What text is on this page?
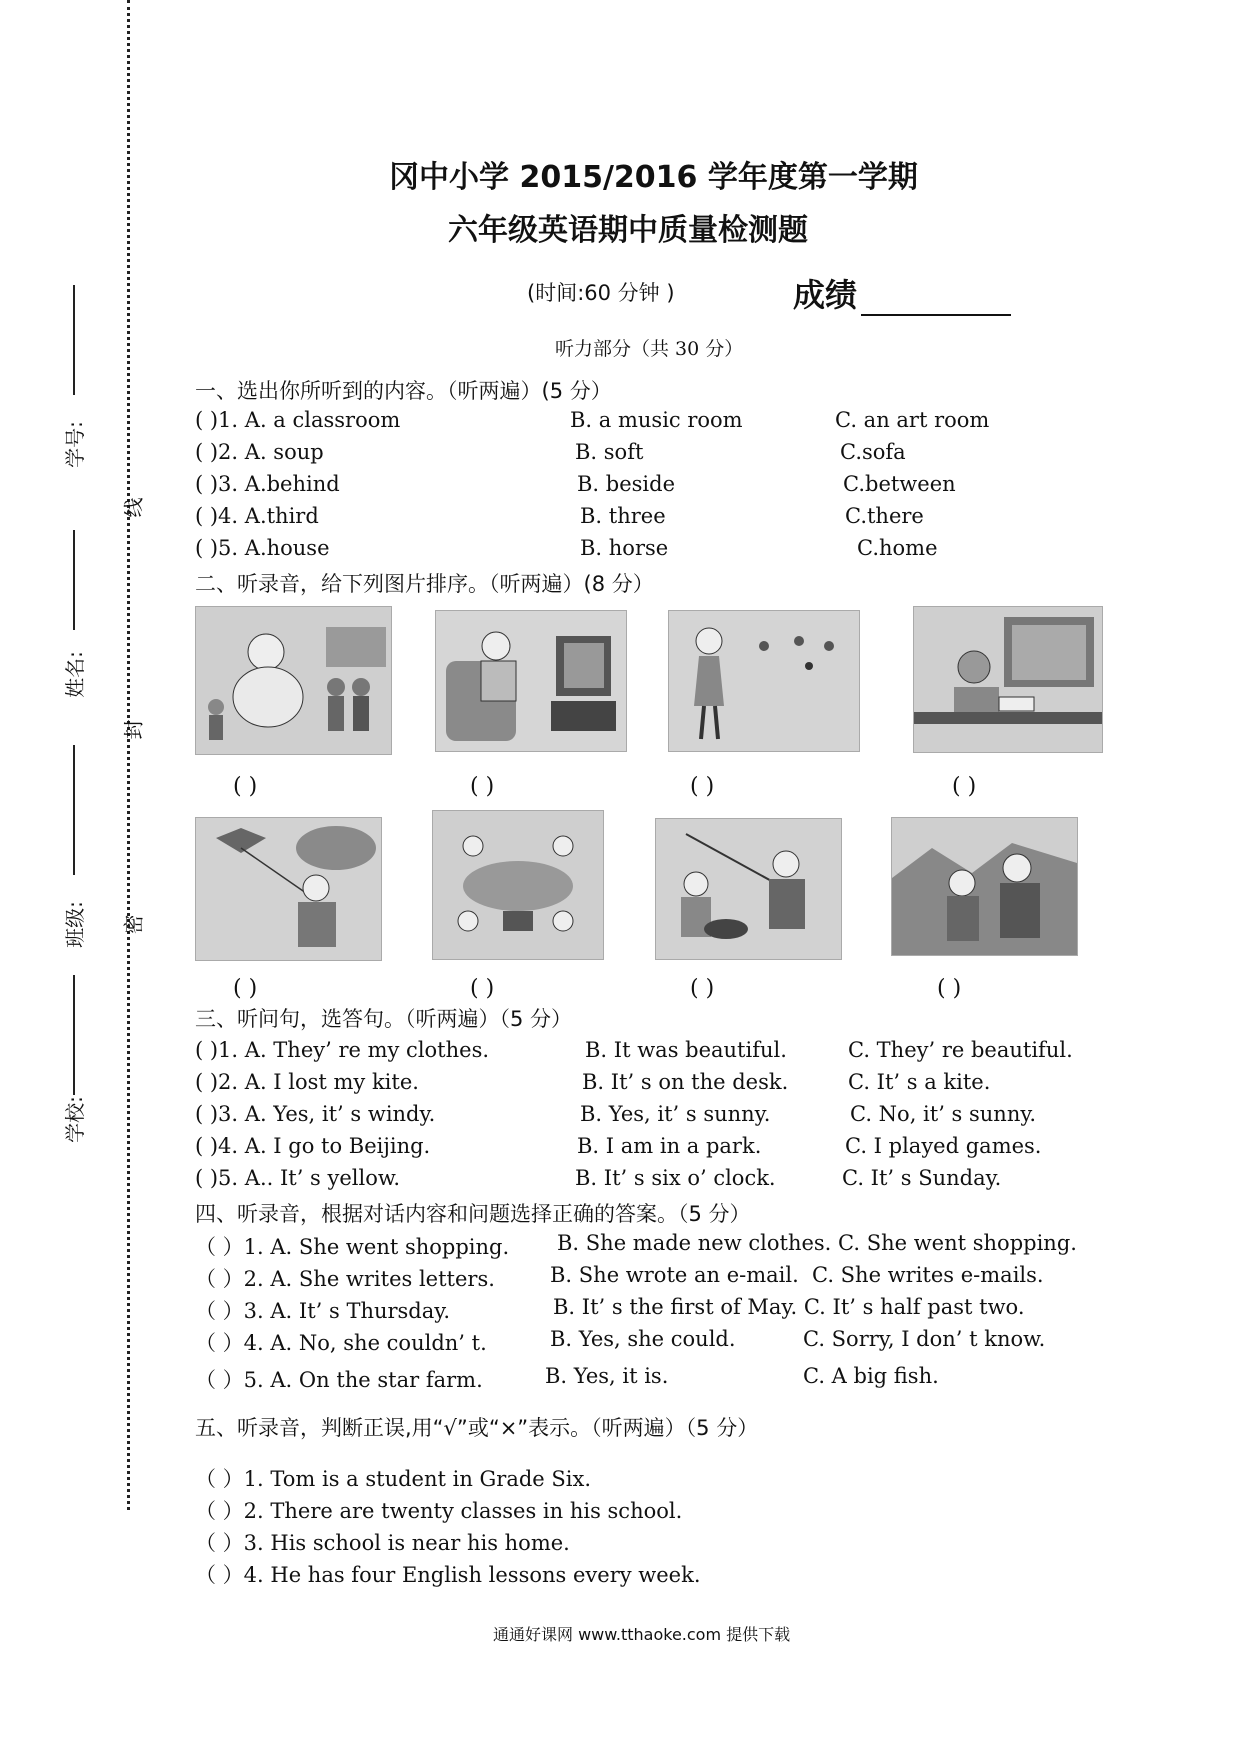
学号:
姓名:
班级:
学校:
线
封
密
冈中小学 2015/2016 学年度第一学期
六年级英语期中质量检测题
(时间:60 分钟 )	成绩
听力部分（共 30 分）
一、选出你所听到的内容。（听两遍）(5 分）
( )1. A. a classroom	B. a music room	C. an art room
( )2. A. soup	B. soft	C.sofa
( )3. A.behind	B. beside	C.between
( )4. A.third	B. three	C.there
( )5. A.house	B. horse	C.home
二、听录音，给下列图片排序。（听两遍）(8 分）
( )	( )	( )	( )
( )	( )	( )	( )
三、听问句，选答句。（听两遍）（5 分）
( )1. A. They’ re my clothes.	B. It was beautiful.	C. They’ re beautiful.
( )2. A. I lost my kite.	B. It’ s on the desk.	C. It’ s a kite.
( )3. A. Yes, it’ s windy.	B. Yes, it’ s sunny.	C. No, it’ s sunny.
( )4. A. I go to Beijing.	B. I am in a park.	C. I played games.
( )5. A.. It’ s yellow.	B. It’ s six o’ clock.	C. It’ s Sunday.
四、听录音，根据对话内容和问题选择正确的答案。（5 分）
（ ）1. A. She went shopping. B. She made new clothes. C. She went shopping.
（ ）2. A. She writes letters.	B. She wrote an e-mail. C. She writes e-mails.
（ ）3. A. It’ s Thursday.	B. It’ s the first of May. C. It’ s half past two.
（ ）4. A. No, she couldn’ t.	B. Yes, she could.	C. Sorry, I don’ t know.
（ ）5. A. On the star farm.	B. Yes, it is.	C. A big fish.
五、听录音，判断正误,用“√”或“×”表示。（听两遍）（5 分）
（ ）1. Tom is a student in Grade Six.
（ ）2. There are twenty classes in his school.
（ ）3. His school is near his home.
（ ）4. He has four English lessons every week.
通通好课网 www.tthaoke.com 提供下载
